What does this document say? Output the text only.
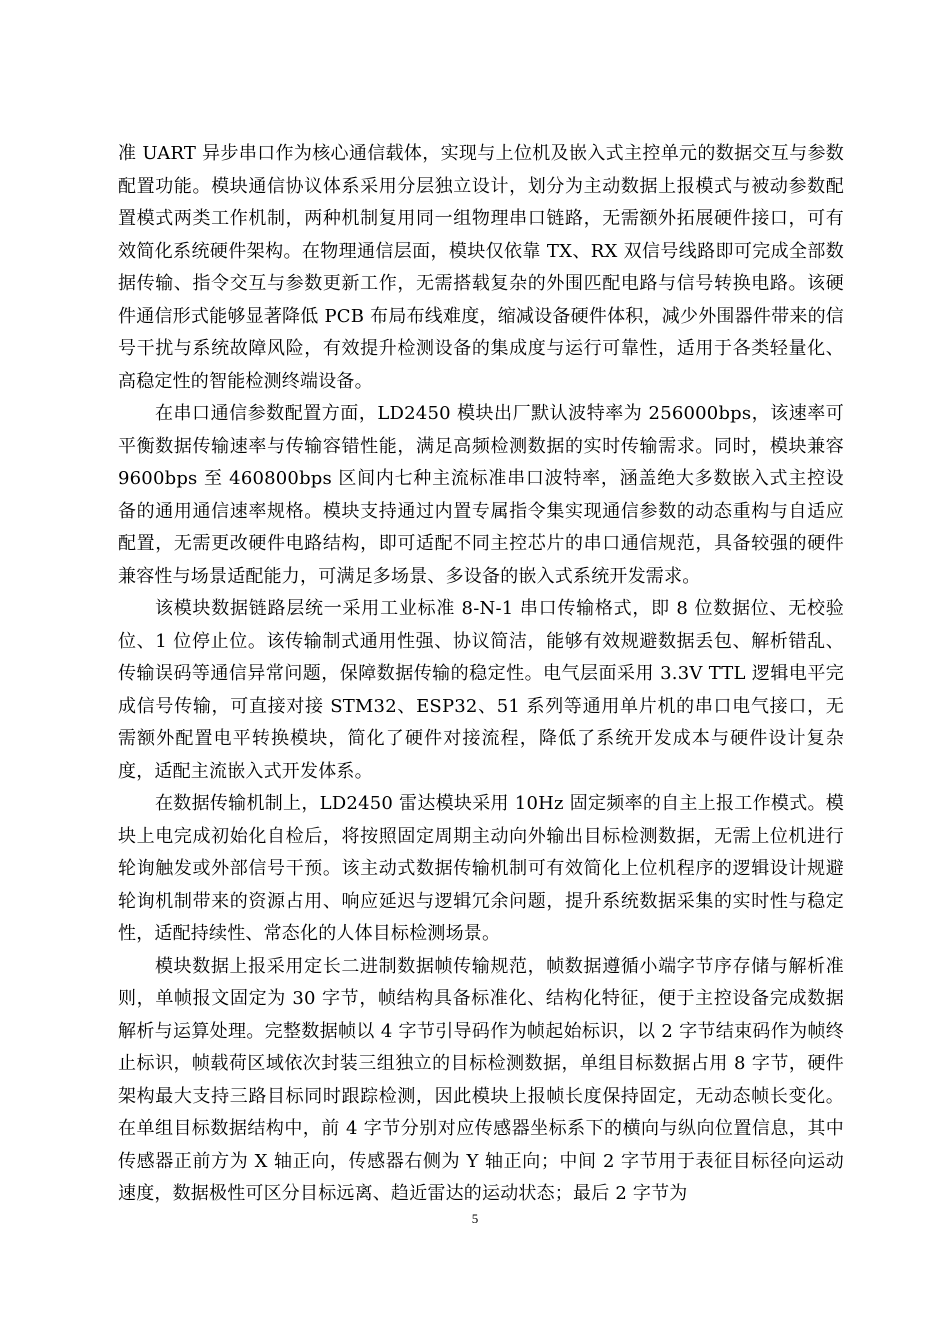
准 UART 异步串口作为核心通信载体，实现与上位机及嵌入式主控单元的数据交互与参数配置功能。模块通信协议体系采用分层独立设计，划分为主动数据上报模式与被动参数配置模式两类工作机制，两种机制复用同一组物理串口链路，无需额外拓展硬件接口，可有效简化系统硬件架构。在物理通信层面，模块仅依靠 TX、RX 双信号线路即可完成全部数据传输、指令交互与参数更新工作，无需搭载复杂的外围匹配电路与信号转换电路。该硬件通信形式能够显著降低 PCB 布局布线难度，缩减设备硬件体积，减少外围器件带来的信号干扰与系统故障风险，有效提升检测设备的集成度与运行可靠性，适用于各类轻量化、高稳定性的智能检测终端设备。

在串口通信参数配置方面，LD2450 模块出厂默认波特率为 256000bps，该速率可平衡数据传输速率与传输容错性能，满足高频检测数据的实时传输需求。同时，模块兼容 9600bps 至 460800bps 区间内七种主流标准串口波特率，涵盖绝大多数嵌入式主控设备的通用通信速率规格。模块支持通过内置专属指令集实现通信参数的动态重构与自适应配置，无需更改硬件电路结构，即可适配不同主控芯片的串口通信规范，具备较强的硬件兼容性与场景适配能力，可满足多场景、多设备的嵌入式系统开发需求。

该模块数据链路层统一采用工业标准 8-N-1 串口传输格式，即 8 位数据位、无校验位、1 位停止位。该传输制式通用性强、协议简洁，能够有效规避数据丢包、解析错乱、传输误码等通信异常问题，保障数据传输的稳定性。电气层面采用 3.3V TTL 逻辑电平完成信号传输，可直接对接 STM32、ESP32、51 系列等通用单片机的串口电气接口，无需额外配置电平转换模块，简化了硬件对接流程，降低了系统开发成本与硬件设计复杂度，适配主流嵌入式开发体系。

在数据传输机制上，LD2450 雷达模块采用 10Hz 固定频率的自主上报工作模式。模块上电完成初始化自检后，将按照固定周期主动向外输出目标检测数据，无需上位机进行轮询触发或外部信号干预。该主动式数据传输机制可有效简化上位机程序的逻辑设计规避轮询机制带来的资源占用、响应延迟与逻辑冗余问题，提升系统数据采集的实时性与稳定性，适配持续性、常态化的人体目标检测场景。

模块数据上报采用定长二进制数据帧传输规范，帧数据遵循小端字节序存储与解析准则，单帧报文固定为 30 字节，帧结构具备标准化、结构化特征，便于主控设备完成数据解析与运算处理。完整数据帧以 4 字节引导码作为帧起始标识，以 2 字节结束码作为帧终止标识，帧载荷区域依次封装三组独立的目标检测数据，单组目标数据占用 8 字节，硬件架构最大支持三路目标同时跟踪检测，因此模块上报帧长度保持固定，无动态帧长变化。在单组目标数据结构中，前 4 字节分别对应传感器坐标系下的横向与纵向位置信息，其中传感器正前方为 X 轴正向，传感器右侧为 Y 轴正向；中间 2 字节用于表征目标径向运动速度，数据极性可区分目标远离、趋近雷达的运动状态；最后 2 字节为

5
